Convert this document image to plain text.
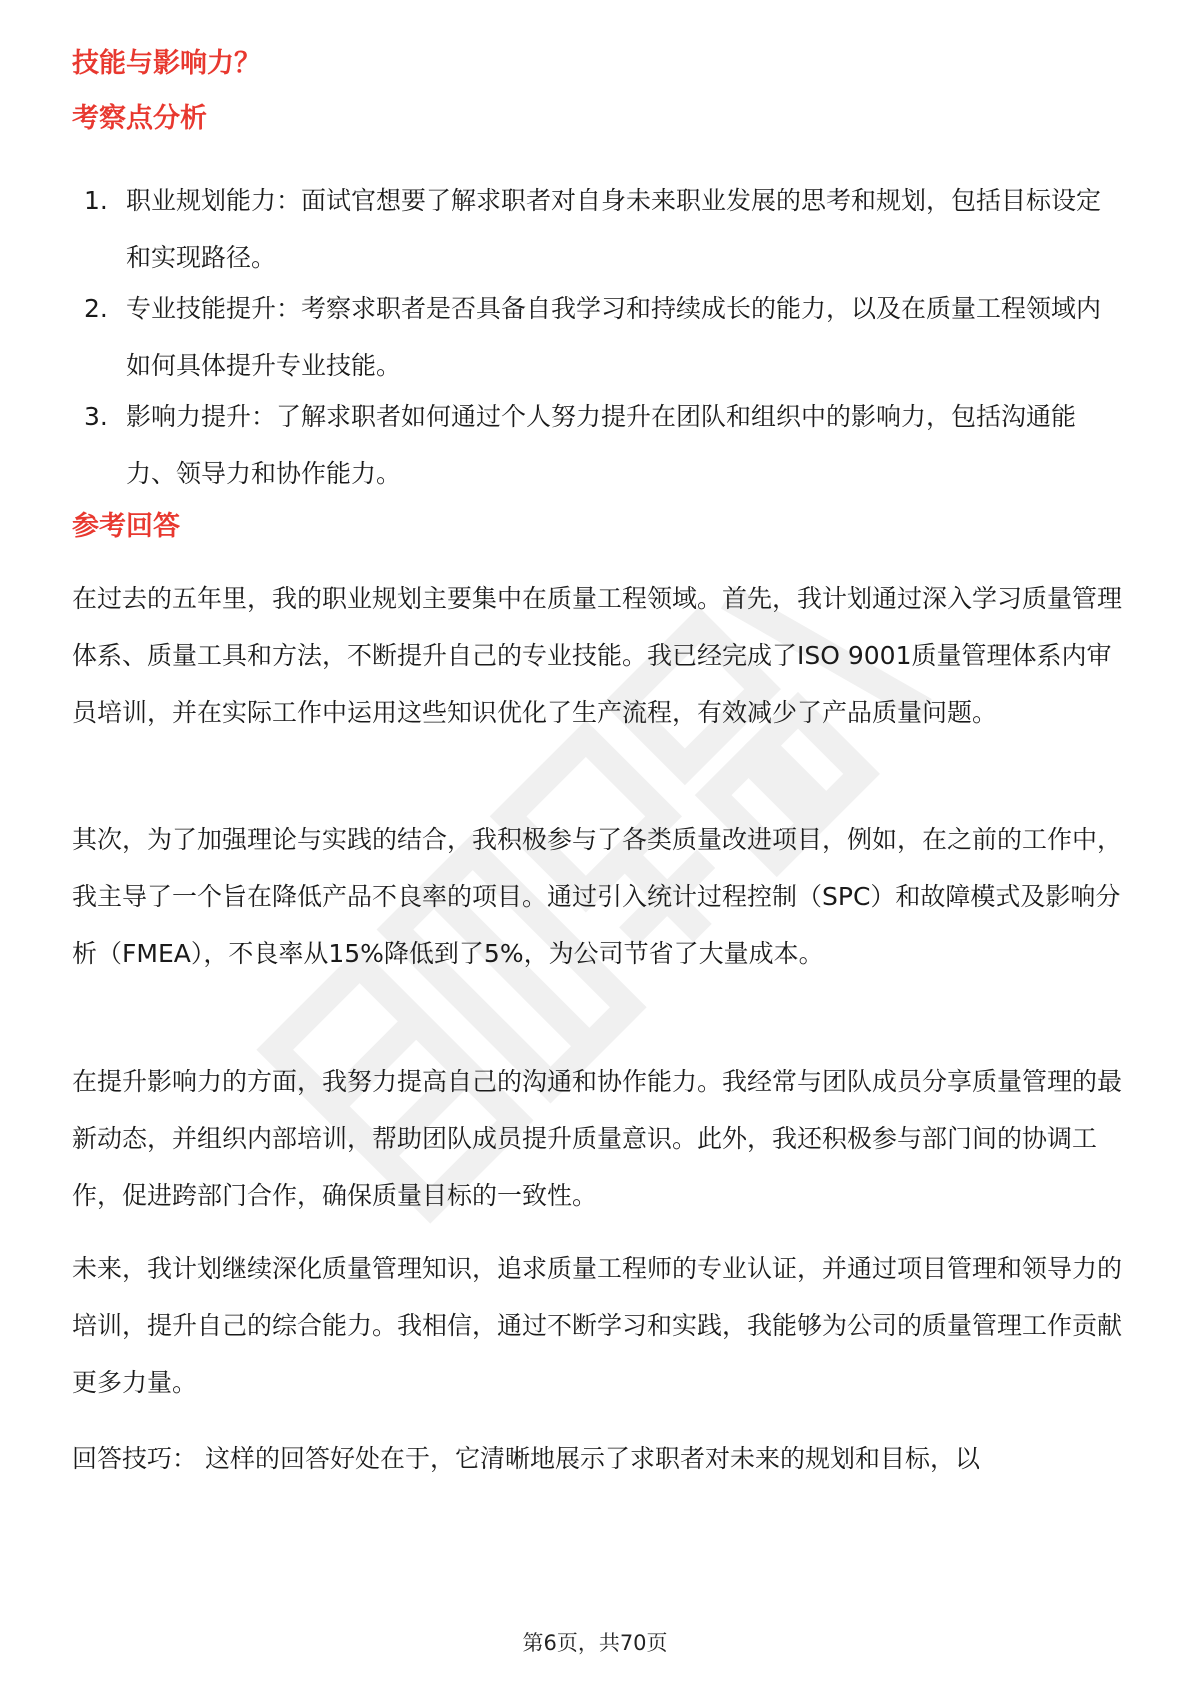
技能与影响力？
考察点分析
1. 职业规划能力：面试官想要了解求职者对自身未来职业发展的思考和规划，包括目标设定和实现路径。
2. 专业技能提升：考察求职者是否具备自我学习和持续成长的能力，以及在质量工程领域内如何具体提升专业技能。
3. 影响力提升：了解求职者如何通过个人努力提升在团队和组织中的影响力，包括沟通能力、领导力和协作能力。
参考回答

在过去的五年里，我的职业规划主要集中在质量工程领域。首先，我计划通过深入学习质量管理体系、质量工具和方法，不断提升自己的专业技能。我已经完成了ISO 9001质量管理体系内审员培训，并在实际工作中运用这些知识优化了生产流程，有效减少了产品质量问题。

其次，为了加强理论与实践的结合，我积极参与了各类质量改进项目，例如，在之前的工作中，我主导了一个旨在降低产品不良率的项目。通过引入统计过程控制（SPC）和故障模式及影响分析（FMEA），不良率从15%降低到了5%，为公司节省了大量成本。

在提升影响力的方面，我努力提高自己的沟通和协作能力。我经常与团队成员分享质量管理的最新动态，并组织内部培训，帮助团队成员提升质量意识。此外，我还积极参与部门间的协调工作，促进跨部门合作，确保质量目标的一致性。

未来，我计划继续深化质量管理知识，追求质量工程师的专业认证，并通过项目管理和领导力的培训，提升自己的综合能力。我相信，通过不断学习和实践，我能够为公司的质量管理工作贡献更多力量。

回答技巧： 这样的回答好处在于，它清晰地展示了求职者对未来的规划和目标，以

第6页，共70页
